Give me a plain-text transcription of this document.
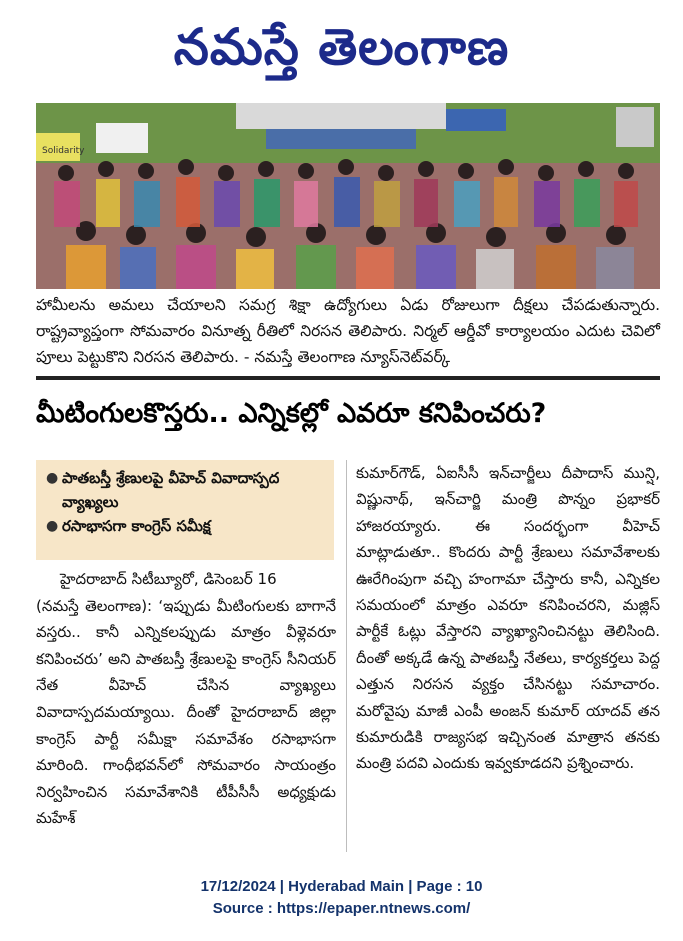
నమస్తే తెలంగాణ
Solidarity
హామీలను అమలు చేయాలని సమగ్ర శిక్షా ఉద్యోగులు ఏడు రోజులుగా దీక్షలు చేపడుతున్నారు. రాష్ట్రవ్యాప్తంగా సోమవారం వినూత్న రీతిలో నిరసన తెలిపారు. నిర్మల్ ఆర్డీవో కార్యాలయం ఎదుట చెవిలో పూలు పెట్టుకొని నిరసన తెలిపారు. - నమస్తే తెలంగాణ న్యూస్‌నెట్‌వర్క్
మీటింగులకొస్తరు.. ఎన్నికల్లో ఎవరూ కనిపించరు?
● పాతబస్తీ శ్రేణులపై వీహెచ్ వివాదాస్పద వ్యాఖ్యలు
● రసాభాసగా కాంగ్రెస్ సమీక్ష
హైదరాబాద్ సిటీబ్యూరో, డిసెంబర్ 16
(నమస్తే తెలంగాణ): ‘ఇప్పుడు మీటింగులకు బాగానే వస్తరు.. కానీ ఎన్నికలప్పుడు మాత్రం వీళ్లెవరూ కనిపించరు’ అని పాతబస్తీ శ్రేణులపై కాంగ్రెస్ సీనియర్ నేత వీహెచ్ చేసిన వ్యాఖ్యలు వివాదాస్పదమయ్యాయి. దీంతో హైదరాబాద్ జిల్లా కాంగ్రెస్ పార్టీ సమీక్షా సమావేశం రసాభాసగా మారింది. గాంధీభవన్‌లో సోమవారం సాయంత్రం నిర్వహించిన సమావేశానికి టీపీసీసీ అధ్యక్షుడు మహేశ్
కుమార్‌గౌడ్, ఏఐసీసీ ఇన్‌చార్జీలు దీపాదాస్ మున్షి, విష్ణునాథ్, ఇన్‌చార్జి మంత్రి పొన్నం ప్రభాకర్ హాజరయ్యారు. ఈ సందర్భంగా వీహెచ్ మాట్లాడుతూ.. కొందరు పార్టీ శ్రేణులు సమావేశాలకు ఊరేగింపుగా వచ్చి హంగామా చేస్తారు కానీ, ఎన్నికల సమయంలో మాత్రం ఎవరూ కనిపించరని, మజ్లిస్ పార్టీకే ఓట్లు వేస్తారని వ్యాఖ్యానించినట్టు తెలిసింది. దీంతో అక్కడే ఉన్న పాతబస్తీ నేతలు, కార్యకర్తలు పెద్ద ఎత్తున నిరసన వ్యక్తం చేసినట్టు సమాచారం. మరోవైపు మాజీ ఎంపీ అంజన్ కుమార్ యాదవ్ తన కుమారుడికి రాజ్యసభ ఇచ్చినంత మాత్రాన తనకు మంత్రి పదవి ఎందుకు ఇవ్వకూడదని ప్రశ్నించారు.
17/12/2024 | Hyderabad Main | Page : 10
Source : https://epaper.ntnews.com/
